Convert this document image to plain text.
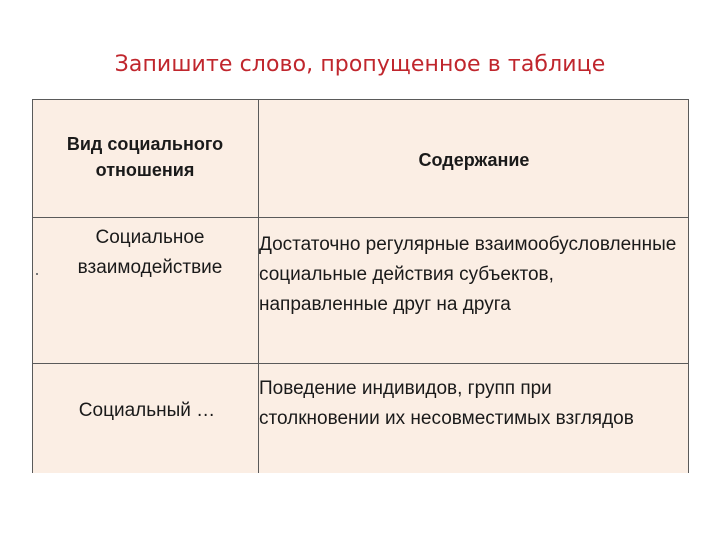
Запишите слово, пропущенное в таблице
Вид социального отношения	Содержание
Социальное взаимодействие
Достаточно регулярные взаимообусловленные социальные действия субъектов, направленные друг на друга
Социальный …
Поведение индивидов, групп при столкновении их несовместимых взглядов
